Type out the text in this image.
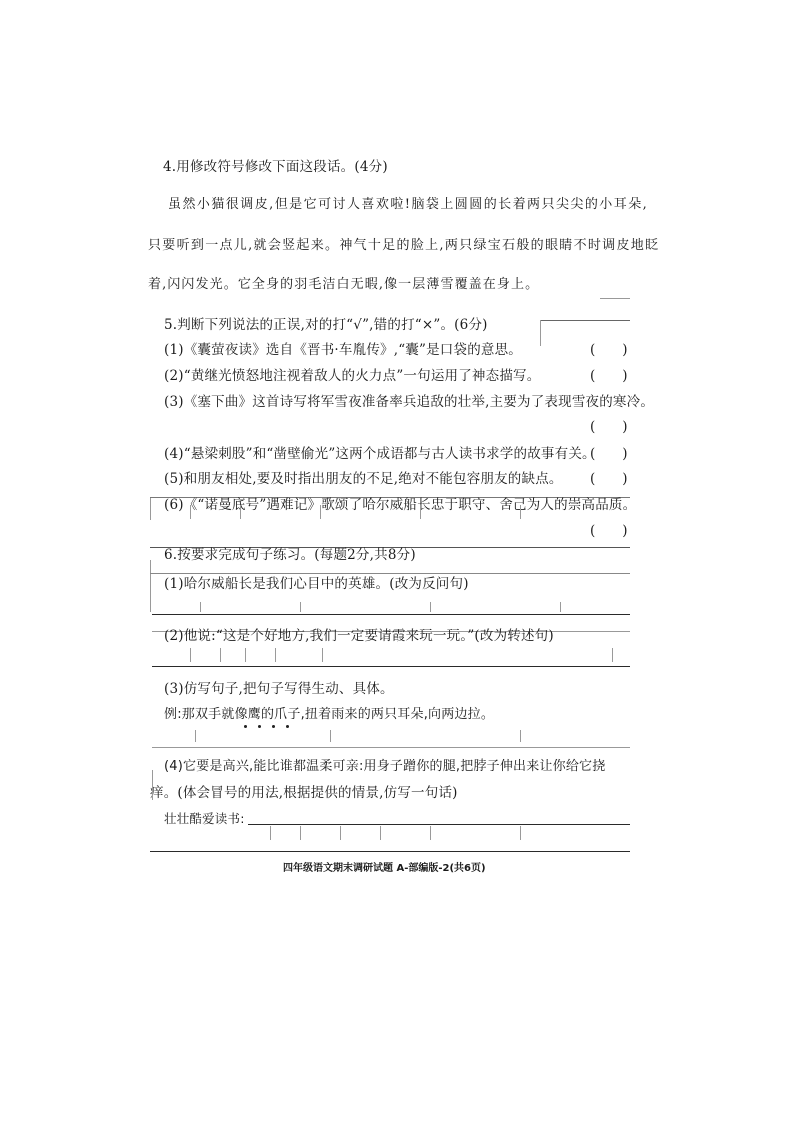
4.用修改符号修改下面这段话。(4分)
虽然小猫很调皮,但是它可讨人喜欢啦!脑袋上圆圆的长着两只尖尖的小耳朵,
只要听到一点儿,就会竖起来。神气十足的脸上,两只绿宝石般的眼睛不时调皮地眨
着,闪闪发光。它全身的羽毛洁白无暇,像一层薄雪覆盖在身上。
5.判断下列说法的正误,对的打“√”,错的打“×”。(6分)
(1)《囊萤夜读》选自《晋书·车胤传》,“囊”是口袋的意思。	(　　)
(2)“黄继光愤怒地注视着敌人的火力点”一句运用了神态描写。	(　　)
(3)《塞下曲》这首诗写将军雪夜准备率兵追敌的壮举,主要为了表现雪夜的寒冷。
(　　)
(4)“悬梁刺股”和“凿壁偷光”这两个成语都与古人读书求学的故事有关。
(　　)
(5)和朋友相处,要及时指出朋友的不足,绝对不能包容朋友的缺点。 (　　)
(6)《“诺曼底号”遇难记》歌颂了哈尔威船长忠于职守、舍己为人的崇高品质。
(　　)
6.按要求完成句子练习。(每题2分,共8分)
(1)哈尔威船长是我们心目中的英雄。(改为反问句)
(2)他说:“这是个好地方,我们一定要请霞来玩一玩。”(改为转述句)
(3)仿写句子,把句子写得生动、具体。
例:那双手就像鹰的爪子,扭着雨来的两只耳朵,向两边拉。
(4)它要是高兴,能比谁都温柔可亲:用身子蹭你的腿,把脖子伸出来让你给它挠
痒。(体会冒号的用法,根据提供的情景,仿写一句话)
壮壮酷爱读书:
四年级语文期末调研试题 A-部编版-2(共6页)
